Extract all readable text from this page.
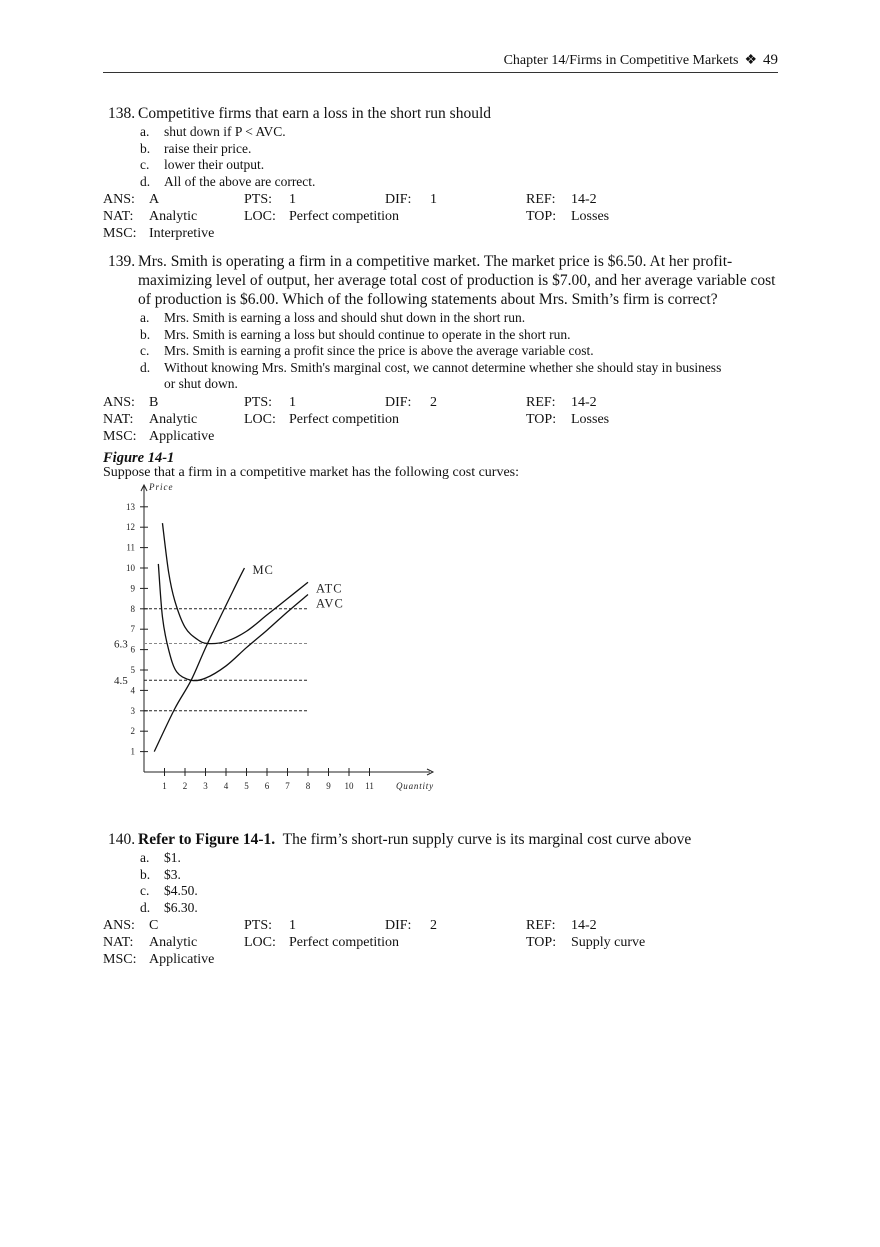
Chapter 14/Firms in Competitive Markets ❖ 49
138. Competitive firms that earn a loss in the short run should
a. shut down if P < AVC.
b. raise their price.
c. lower their output.
d. All of the above are correct.
ANS: A	PTS: 1	DIF: 1	REF: 14-2
NAT: Analytic	LOC: Perfect competition	TOP: Losses
MSC: Interpretive
139. Mrs. Smith is operating a firm in a competitive market. The market price is $6.50. At her profit-maximizing level of output, her average total cost of production is $7.00, and her average variable cost of production is $6.00. Which of the following statements about Mrs. Smith’s firm is correct?
a. Mrs. Smith is earning a loss and should shut down in the short run.
b. Mrs. Smith is earning a loss but should continue to operate in the short run.
c. Mrs. Smith is earning a profit since the price is above the average variable cost.
d. Without knowing Mrs. Smith's marginal cost, we cannot determine whether she should stay in business or shut down.
ANS: B	PTS: 1	DIF: 2	REF: 14-2
NAT: Analytic	LOC: Perfect competition	TOP: Losses
MSC: Applicative
Figure 14-1
Suppose that a firm in a competitive market has the following cost curves:
Price
Quantity
1
2
3
4
5
6
7
8
9
10
11
12
13
1 2 3 4 5 6 7 8 9 10 11
6.3
4.5
MC
ATC
AVC
140. Refer to Figure 14-1. The firm’s short-run supply curve is its marginal cost curve above
a. $1.
b. $3.
c. $4.50.
d. $6.30.
ANS: C	PTS: 1	DIF: 2	REF: 14-2
NAT: Analytic	LOC: Perfect competition	TOP: Supply curve
MSC: Applicative
